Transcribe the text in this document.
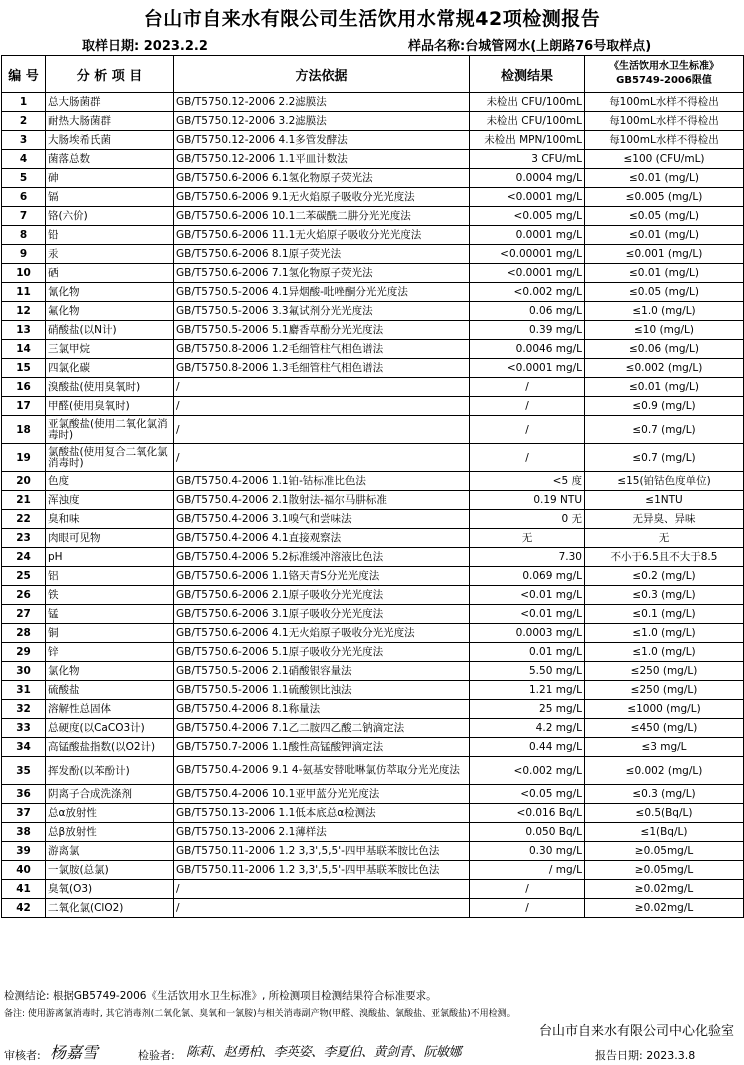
台山市自来水有限公司生活饮用水常规42项检测报告
取样日期: 2023.2.2	样品名称:台城管网水(上朗路76号取样点)
编 号	分 析 项 目	方法依据	检测结果	《生活饮用水卫生标准》 GB5749-2006限值
1	总大肠菌群	GB/T5750.12-2006 2.2滤膜法	未检出 CFU/100mL	每100mL水样不得检出
2	耐热大肠菌群	GB/T5750.12-2006 3.2滤膜法	未检出 CFU/100mL	每100mL水样不得检出
3	大肠埃希氏菌	GB/T5750.12-2006 4.1多管发酵法	未检出 MPN/100mL	每100mL水样不得检出
4	菌落总数	GB/T5750.12-2006 1.1平皿计数法	3 CFU/mL	≤100 (CFU/mL)
5	砷	GB/T5750.6-2006 6.1氢化物原子荧光法	0.0004 mg/L	≤0.01 (mg/L)
6	镉	GB/T5750.6-2006 9.1无火焰原子吸收分光光度法	<0.0001 mg/L	≤0.005 (mg/L)
7	铬(六价)	GB/T5750.6-2006 10.1二苯碳酰二肼分光光度法	<0.005 mg/L	≤0.05 (mg/L)
8	铅	GB/T5750.6-2006 11.1无火焰原子吸收分光光度法	0.0001 mg/L	≤0.01 (mg/L)
9	汞	GB/T5750.6-2006 8.1原子荧光法	<0.00001 mg/L	≤0.001 (mg/L)
10	硒	GB/T5750.6-2006 7.1氢化物原子荧光法	<0.0001 mg/L	≤0.01 (mg/L)
11	氰化物	GB/T5750.5-2006 4.1异烟酸-吡唑酮分光光度法	<0.002 mg/L	≤0.05 (mg/L)
12	氟化物	GB/T5750.5-2006 3.3氟试剂分光光度法	0.06 mg/L	≤1.0 (mg/L)
13	硝酸盐(以N计)	GB/T5750.5-2006 5.1麝香草酚分光光度法	0.39 mg/L	≤10 (mg/L)
14	三氯甲烷	GB/T5750.8-2006 1.2毛细管柱气相色谱法	0.0046 mg/L	≤0.06 (mg/L)
15	四氯化碳	GB/T5750.8-2006 1.3毛细管柱气相色谱法	<0.0001 mg/L	≤0.002 (mg/L)
16	溴酸盐(使用臭氧时)	/	/	≤0.01 (mg/L)
17	甲醛(使用臭氧时)	/	/	≤0.9 (mg/L)
18	亚氯酸盐(使用二氧化氯消毒时)	/	/	≤0.7 (mg/L)
19	氯酸盐(使用复合二氧化氯消毒时)	/	/	≤0.7 (mg/L)
20	色度	GB/T5750.4-2006 1.1铂-钴标准比色法	<5 度	≤15(铂钴色度单位)
21	浑浊度	GB/T5750.4-2006 2.1散射法-福尔马肼标准	0.19 NTU	≤1NTU
22	臭和味	GB/T5750.4-2006 3.1嗅气和尝味法	0 无	无异臭、异味
23	肉眼可见物	GB/T5750.4-2006 4.1直接观察法	无	无
24	pH	GB/T5750.4-2006 5.2标准缓冲溶液比色法	7.30	不小于6.5且不大于8.5
25	铝	GB/T5750.6-2006 1.1铬天青S分光光度法	0.069 mg/L	≤0.2 (mg/L)
26	铁	GB/T5750.6-2006 2.1原子吸收分光光度法	<0.01 mg/L	≤0.3 (mg/L)
27	锰	GB/T5750.6-2006 3.1原子吸收分光光度法	<0.01 mg/L	≤0.1 (mg/L)
28	铜	GB/T5750.6-2006 4.1无火焰原子吸收分光光度法	0.0003 mg/L	≤1.0 (mg/L)
29	锌	GB/T5750.6-2006 5.1原子吸收分光光度法	0.01 mg/L	≤1.0 (mg/L)
30	氯化物	GB/T5750.5-2006 2.1硝酸银容量法	5.50 mg/L	≤250 (mg/L)
31	硫酸盐	GB/T5750.5-2006 1.1硫酸钡比浊法	1.21 mg/L	≤250 (mg/L)
32	溶解性总固体	GB/T5750.4-2006 8.1称量法	25 mg/L	≤1000 (mg/L)
33	总硬度(以CaCO3计)	GB/T5750.4-2006 7.1乙二胺四乙酸二钠滴定法	4.2 mg/L	≤450 (mg/L)
34	高锰酸盐指数(以O2计)	GB/T5750.7-2006 1.1酸性高锰酸钾滴定法	0.44 mg/L	≤3 mg/L
35	挥发酚(以苯酚计)	GB/T5750.4-2006 9.1 4-氨基安替吡啉氯仿萃取分光光度法	<0.002 mg/L	≤0.002 (mg/L)
36	阴离子合成洗涤剂	GB/T5750.4-2006 10.1亚甲蓝分光光度法	<0.05 mg/L	≤0.3 (mg/L)
37	总α放射性	GB/T5750.13-2006 1.1低本底总α检测法	<0.016 Bq/L	≤0.5(Bq/L)
38	总β放射性	GB/T5750.13-2006 2.1薄样法	0.050 Bq/L	≤1(Bq/L)
39	游离氯	GB/T5750.11-2006 1.2 3,3',5,5'-四甲基联苯胺比色法	0.30 mg/L	≥0.05mg/L
40	一氯胺(总氯)	GB/T5750.11-2006 1.2 3,3',5,5'-四甲基联苯胺比色法	/ mg/L	≥0.05mg/L
41	臭氧(O3)	/	/	≥0.02mg/L
42	二氧化氯(ClO2)	/	/	≥0.02mg/L
检测结论: 根据GB5749-2006《生活饮用水卫生标准》, 所检测项目检测结果符合标准要求。
备注: 使用游离氯消毒时, 其它消毒剂(二氧化氯、臭氧和一氯胺)与相关消毒副产物(甲醛、溴酸盐、氯酸盐、亚氯酸盐)不用检测。
台山市自来水有限公司中心化验室
审核者: 杨嘉雪	检验者: 陈莉、赵勇柏、李英姿、李夏伯、黄剑青、阮敏娜	报告日期: 2023.3.8
